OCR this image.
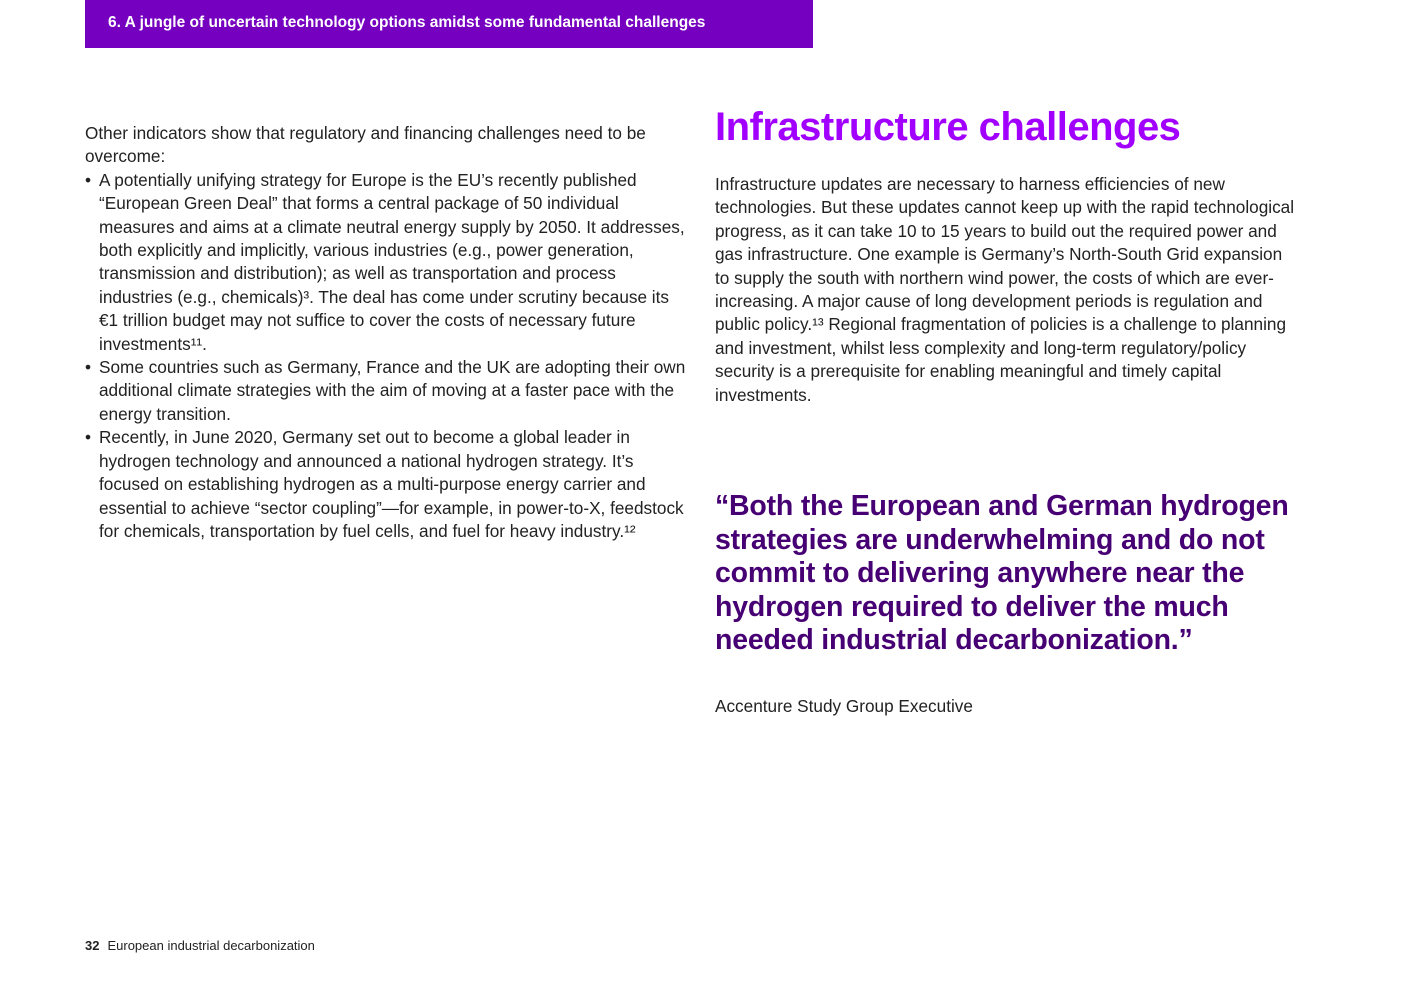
6. A jungle of uncertain technology options amidst some fundamental challenges

Other indicators show that regulatory and financing challenges need to be overcome:

• A potentially unifying strategy for Europe is the EU’s recently published “European Green Deal” that forms a central package of 50 individual measures and aims at a climate neutral energy supply by 2050. It addresses, both explicitly and implicitly, various industries (e.g., power generation, transmission and distribution); as well as transportation and process industries (e.g., chemicals)³. The deal has come under scrutiny because its €1 trillion budget may not suffice to cover the costs of necessary future investments¹¹.
• Some countries such as Germany, France and the UK are adopting their own additional climate strategies with the aim of moving at a faster pace with the energy transition.
• Recently, in June 2020, Germany set out to become a global leader in hydrogen technology and announced a national hydrogen strategy. It’s focused on establishing hydrogen as a multi-purpose energy carrier and essential to achieve “sector coupling”—for example, in power-to-X, feedstock for chemicals, transportation by fuel cells, and fuel for heavy industry.¹²
Infrastructure challenges

Infrastructure updates are necessary to harness efficiencies of new technologies. But these updates cannot keep up with the rapid technological progress, as it can take 10 to 15 years to build out the required power and gas infrastructure. One example is Germany’s North-South Grid expansion to supply the south with northern wind power, the costs of which are ever-increasing. A major cause of long development periods is regulation and public policy.¹³ Regional fragmentation of policies is a challenge to planning and investment, whilst less complexity and long-term regulatory/policy security is a prerequisite for enabling meaningful and timely capital investments.

“Both the European and German hydrogen strategies are underwhelming and do not commit to delivering anywhere near the hydrogen required to deliver the much needed industrial decarbonization.”

Accenture Study Group Executive
32 European industrial decarbonization
